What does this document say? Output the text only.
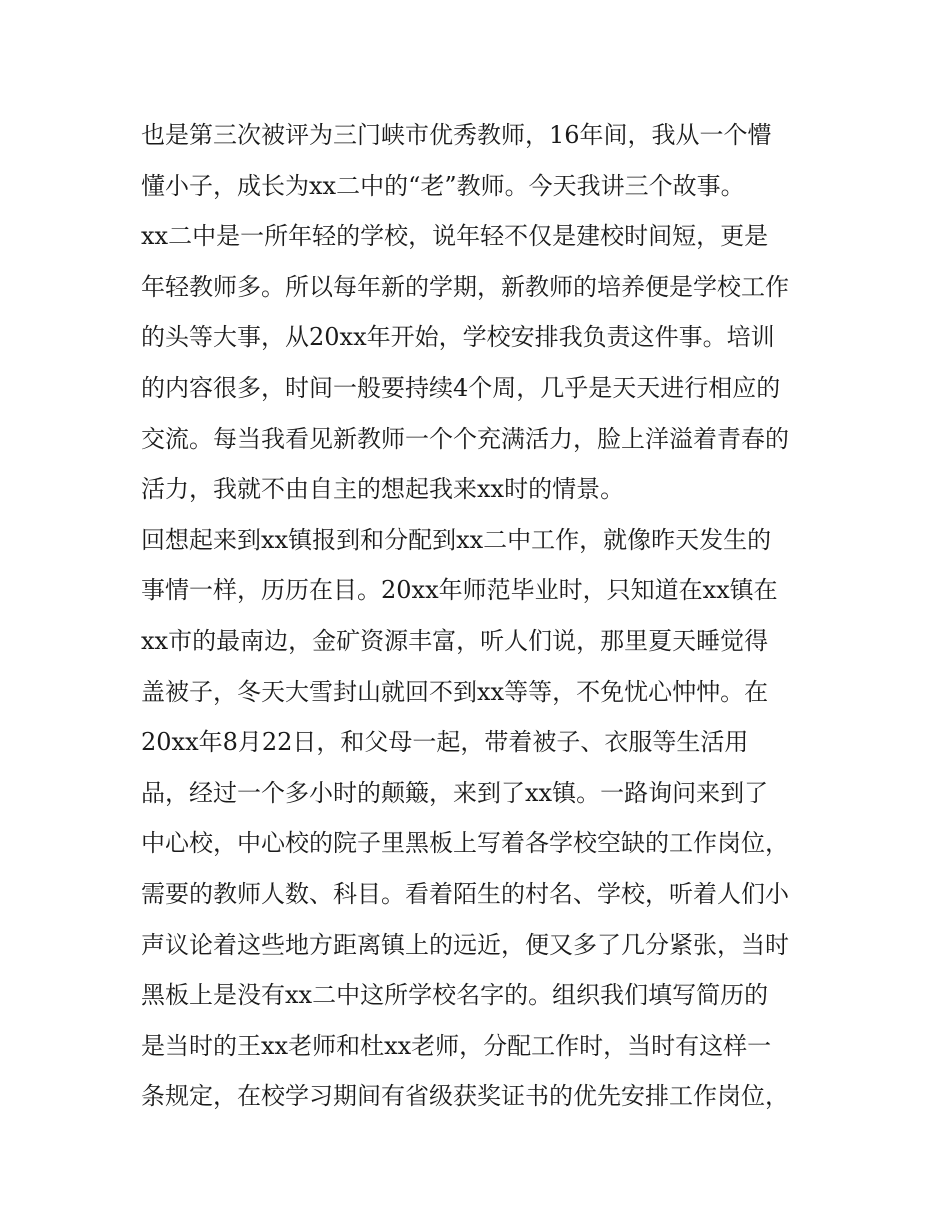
也是第三次被评为三门峡市优秀教师，16年间，我从一个懵
懂小子，成长为xx二中的“老”教师。今天我讲三个故事。
xx二中是一所年轻的学校，说年轻不仅是建校时间短，更是
年轻教师多。所以每年新的学期，新教师的培养便是学校工作
的头等大事，从20xx年开始，学校安排我负责这件事。培训
的内容很多，时间一般要持续4个周，几乎是天天进行相应的
交流。每当我看见新教师一个个充满活力，脸上洋溢着青春的
活力，我就不由自主的想起我来xx时的情景。
回想起来到xx镇报到和分配到xx二中工作，就像昨天发生的
事情一样，历历在目。20xx年师范毕业时，只知道在xx镇在
xx市的最南边，金矿资源丰富，听人们说，那里夏天睡觉得
盖被子，冬天大雪封山就回不到xx等等，不免忧心忡忡。在
20xx年8月22日，和父母一起，带着被子、衣服等生活用
品，经过一个多小时的颠簸，来到了xx镇。一路询问来到了
中心校，中心校的院子里黑板上写着各学校空缺的工作岗位，
需要的教师人数、科目。看着陌生的村名、学校，听着人们小
声议论着这些地方距离镇上的远近，便又多了几分紧张，当时
黑板上是没有xx二中这所学校名字的。组织我们填写简历的
是当时的王xx老师和杜xx老师，分配工作时，当时有这样一
条规定，在校学习期间有省级获奖证书的优先安排工作岗位，
